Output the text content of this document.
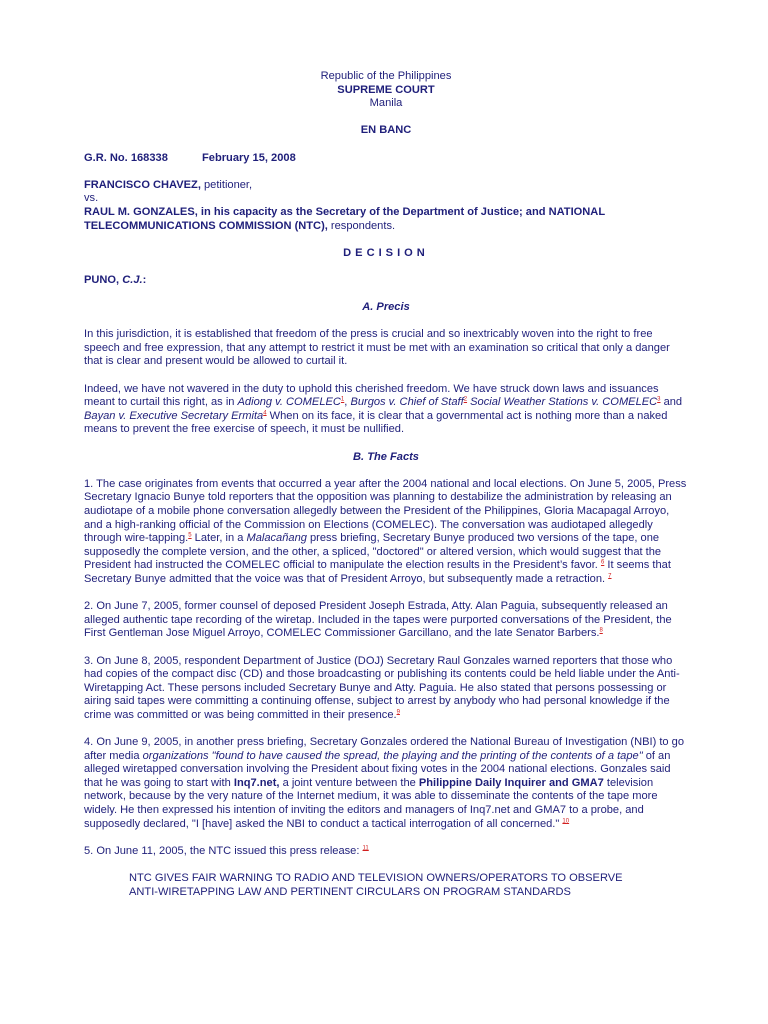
Republic of the Philippines

SUPREME COURT

Manila

EN BANC

G.R. No. 168338	February 15, 2008

FRANCISCO CHAVEZ, petitioner,

vs.

RAUL M. GONZALES, in his capacity as the Secretary of the Department of Justice; and NATIONAL TELECOMMUNICATIONS COMMISSION (NTC), respondents.

DECISION

PUNO, C.J.:

A. Precis

In this jurisdiction, it is established that freedom of the press is crucial and so inextricably woven into the right to free speech and free expression, that any attempt to restrict it must be met with an examination so critical that only a danger that is clear and present would be allowed to curtail it.

Indeed, we have not wavered in the duty to uphold this cherished freedom. We have struck down laws and issuances meant to curtail this right, as in Adiong v. COMELEC$^1$, Burgos v. Chief of Staff$^2$ Social Weather Stations v. COMELEC$^3$ and Bayan v. Executive Secretary Ermita$^4$ When on its face, it is clear that a governmental act is nothing more than a naked means to prevent the free exercise of speech, it must be nullified.

B. The Facts

1. The case originates from events that occurred a year after the 2004 national and local elections. On June 5, 2005, Press Secretary Ignacio Bunye told reporters that the opposition was planning to destabilize the administration by releasing an audiotape of a mobile phone conversation allegedly between the President of the Philippines, Gloria Macapagal Arroyo, and a high-ranking official of the Commission on Elections (COMELEC). The conversation was audiotaped allegedly through wire-tapping.$^5$ Later, in a Malacañang press briefing, Secretary Bunye produced two versions of the tape, one supposedly the complete version, and the other, a spliced, "doctored" or altered version, which would suggest that the President had instructed the COMELEC official to manipulate the election results in the President’s favor. $^6$ It seems that Secretary Bunye admitted that the voice was that of President Arroyo, but subsequently made a retraction. $^7$

2. On June 7, 2005, former counsel of deposed President Joseph Estrada, Atty. Alan Paguia, subsequently released an alleged authentic tape recording of the wiretap. Included in the tapes were purported conversations of the President, the First Gentleman Jose Miguel Arroyo, COMELEC Commissioner Garcillano, and the late Senator Barbers.$^8$

3. On June 8, 2005, respondent Department of Justice (DOJ) Secretary Raul Gonzales warned reporters that those who had copies of the compact disc (CD) and those broadcasting or publishing its contents could be held liable under the Anti-Wiretapping Act. These persons included Secretary Bunye and Atty. Paguia. He also stated that persons possessing or airing said tapes were committing a continuing offense, subject to arrest by anybody who had personal knowledge if the crime was committed or was being committed in their presence.$^9$

4. On June 9, 2005, in another press briefing, Secretary Gonzales ordered the National Bureau of Investigation (NBI) to go after media organizations "found to have caused the spread, the playing and the printing of the contents of a tape" of an alleged wiretapped conversation involving the President about fixing votes in the 2004 national elections. Gonzales said that he was going to start with Inq7.net, a joint venture between the Philippine Daily Inquirer and GMA7 television network, because by the very nature of the Internet medium, it was able to disseminate the contents of the tape more widely. He then expressed his intention of inviting the editors and managers of Inq7.net and GMA7 to a probe, and supposedly declared, "I [have] asked the NBI to conduct a tactical interrogation of all concerned." $^{10}$

5. On June 11, 2005, the NTC issued this press release: $^{11}$

NTC GIVES FAIR WARNING TO RADIO AND TELEVISION OWNERS/OPERATORS TO OBSERVE ANTI-WIRETAPPING LAW AND PERTINENT CIRCULARS ON PROGRAM STANDARDS
